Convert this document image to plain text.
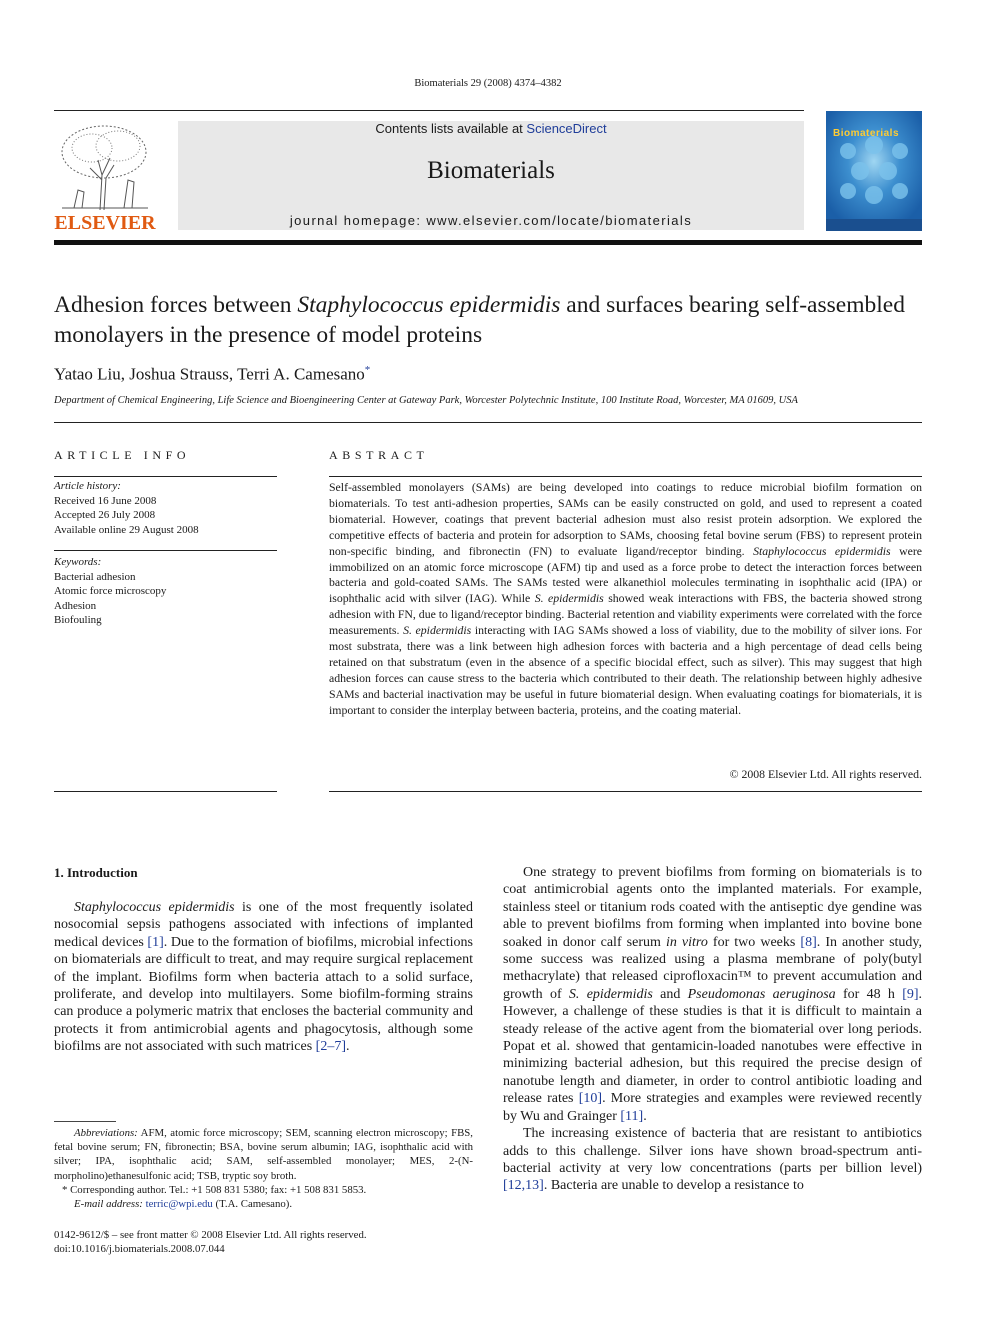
Biomaterials 29 (2008) 4374–4382
ELSEVIER
Contents lists available at ScienceDirect
Biomaterials
journal homepage: www.elsevier.com/locate/biomaterials
Biomaterials
Adhesion forces between Staphylococcus epidermidis and surfaces bearing self-assembled monolayers in the presence of model proteins
Yatao Liu, Joshua Strauss, Terri A. Camesano*
Department of Chemical Engineering, Life Science and Bioengineering Center at Gateway Park, Worcester Polytechnic Institute, 100 Institute Road, Worcester, MA 01609, USA
ARTICLE INFO
Article history:
Received 16 June 2008
Accepted 26 July 2008
Available online 29 August 2008
Keywords:
Bacterial adhesion
Atomic force microscopy
Adhesion
Biofouling
ABSTRACT
Self-assembled monolayers (SAMs) are being developed into coatings to reduce microbial biofilm formation on biomaterials. To test anti-adhesion properties, SAMs can be easily constructed on gold, and used to represent a coated biomaterial. However, coatings that prevent bacterial adhesion must also resist protein adsorption. We explored the competitive effects of bacteria and protein for adsorption to SAMs, choosing fetal bovine serum (FBS) to represent protein non-specific binding, and fibronectin (FN) to evaluate ligand/receptor binding. Staphylococcus epidermidis were immobilized on an atomic force microscope (AFM) tip and used as a force probe to detect the interaction forces between bacteria and gold-coated SAMs. The SAMs tested were alkanethiol molecules terminating in isophthalic acid (IPA) or isophthalic acid with silver (IAG). While S. epidermidis showed weak interactions with FBS, the bacteria showed strong adhesion with FN, due to ligand/receptor binding. Bacterial retention and viability experiments were correlated with the force measurements. S. epidermidis interacting with IAG SAMs showed a loss of viability, due to the mobility of silver ions. For most substrata, there was a link between high adhesion forces with bacteria and a high percentage of dead cells being retained on that substratum (even in the absence of a specific biocidal effect, such as silver). This may suggest that high adhesion forces can cause stress to the bacteria which contributed to their death. The relationship between highly adhesive SAMs and bacterial inactivation may be useful in future biomaterial design. When evaluating coatings for biomaterials, it is important to consider the interplay between bacteria, proteins, and the coating material.
© 2008 Elsevier Ltd. All rights reserved.
1. Introduction

Staphylococcus epidermidis is one of the most frequently isolated nosocomial sepsis pathogens associated with infections of implanted medical devices [1]. Due to the formation of biofilms, microbial infections on biomaterials are difficult to treat, and may require surgical replacement of the implant. Biofilms form when bacteria attach to a solid surface, proliferate, and develop into multilayers. Some biofilm-forming strains can produce a polymeric matrix that encloses the bacterial community and protects it from antimicrobial agents and phagocytosis, although some biofilms are not associated with such matrices [2–7].

One strategy to prevent biofilms from forming on biomaterials is to coat antimicrobial agents onto the implanted materials. For example, stainless steel or titanium rods coated with the antiseptic dye gendine was able to prevent biofilms from forming when implanted into bovine bone soaked in donor calf serum in vitro for two weeks [8]. In another study, some success was realized using a plasma membrane of poly(butyl methacrylate) that released ciprofloxacin™ to prevent accumulation and growth of S. epidermidis and Pseudomonas aeruginosa for 48 h [9]. However, a challenge of these studies is that it is difficult to maintain a steady release of the active agent from the biomaterial over long periods. Popat et al. showed that gentamicin-loaded nanotubes were effective in minimizing bacterial adhesion, but this required the precise design of nanotube length and diameter, in order to control antibiotic loading and release rates [10]. More strategies and examples were reviewed recently by Wu and Grainger [11].

The increasing existence of bacteria that are resistant to antibiotics adds to this challenge. Silver ions have shown broad-spectrum anti-bacterial activity at very low concentrations (parts per billion level) [12,13]. Bacteria are unable to develop a resistance to

Abbreviations: AFM, atomic force microscopy; SEM, scanning electron microscopy; FBS, fetal bovine serum; FN, fibronectin; BSA, bovine serum albumin; IAG, isophthalic acid with silver; IPA, isophthalic acid; SAM, self-assembled monolayer; MES, 2-(N-morpholino)ethanesulfonic acid; TSB, tryptic soy broth.

* Corresponding author. Tel.: +1 508 831 5380; fax: +1 508 831 5853.

E-mail address: terric@wpi.edu (T.A. Camesano).

0142-9612/$ – see front matter © 2008 Elsevier Ltd. All rights reserved.

doi:10.1016/j.biomaterials.2008.07.044
